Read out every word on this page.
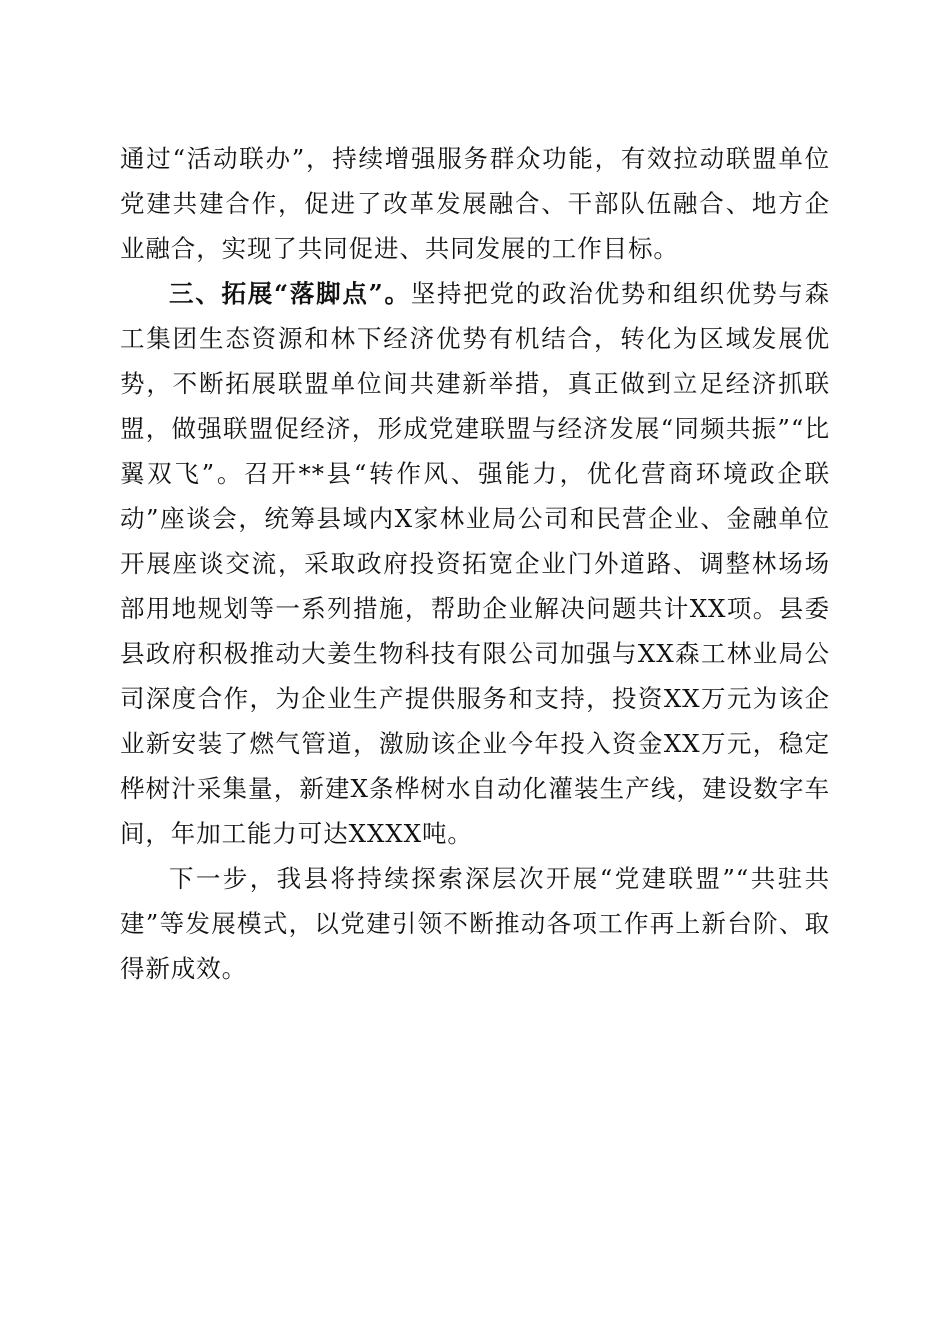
通过“活动联办”，持续增强服务群众功能，有效拉动联盟单位党建共建合作，促进了改革发展融合、干部队伍融合、地方企业融合，实现了共同促进、共同发展的工作目标。

三、拓展“落脚点”。坚持把党的政治优势和组织优势与森工集团生态资源和林下经济优势有机结合，转化为区域发展优势，不断拓展联盟单位间共建新举措，真正做到立足经济抓联盟，做强联盟促经济，形成党建联盟与经济发展“同频共振”“比翼双飞”。召开**县“转作风、强能力，优化营商环境政企联动”座谈会，统筹县域内X家林业局公司和民营企业、金融单位开展座谈交流，采取政府投资拓宽企业门外道路、调整林场场部用地规划等一系列措施，帮助企业解决问题共计XX项。县委县政府积极推动大姜生物科技有限公司加强与XX森工林业局公司深度合作，为企业生产提供服务和支持，投资XX万元为该企业新安装了燃气管道，激励该企业今年投入资金XX万元，稳定桦树汁采集量，新建X条桦树水自动化灌装生产线，建设数字车间，年加工能力可达XXXX吨。

下一步，我县将持续探索深层次开展“党建联盟”“共驻共建”等发展模式，以党建引领不断推动各项工作再上新台阶、取得新成效。
